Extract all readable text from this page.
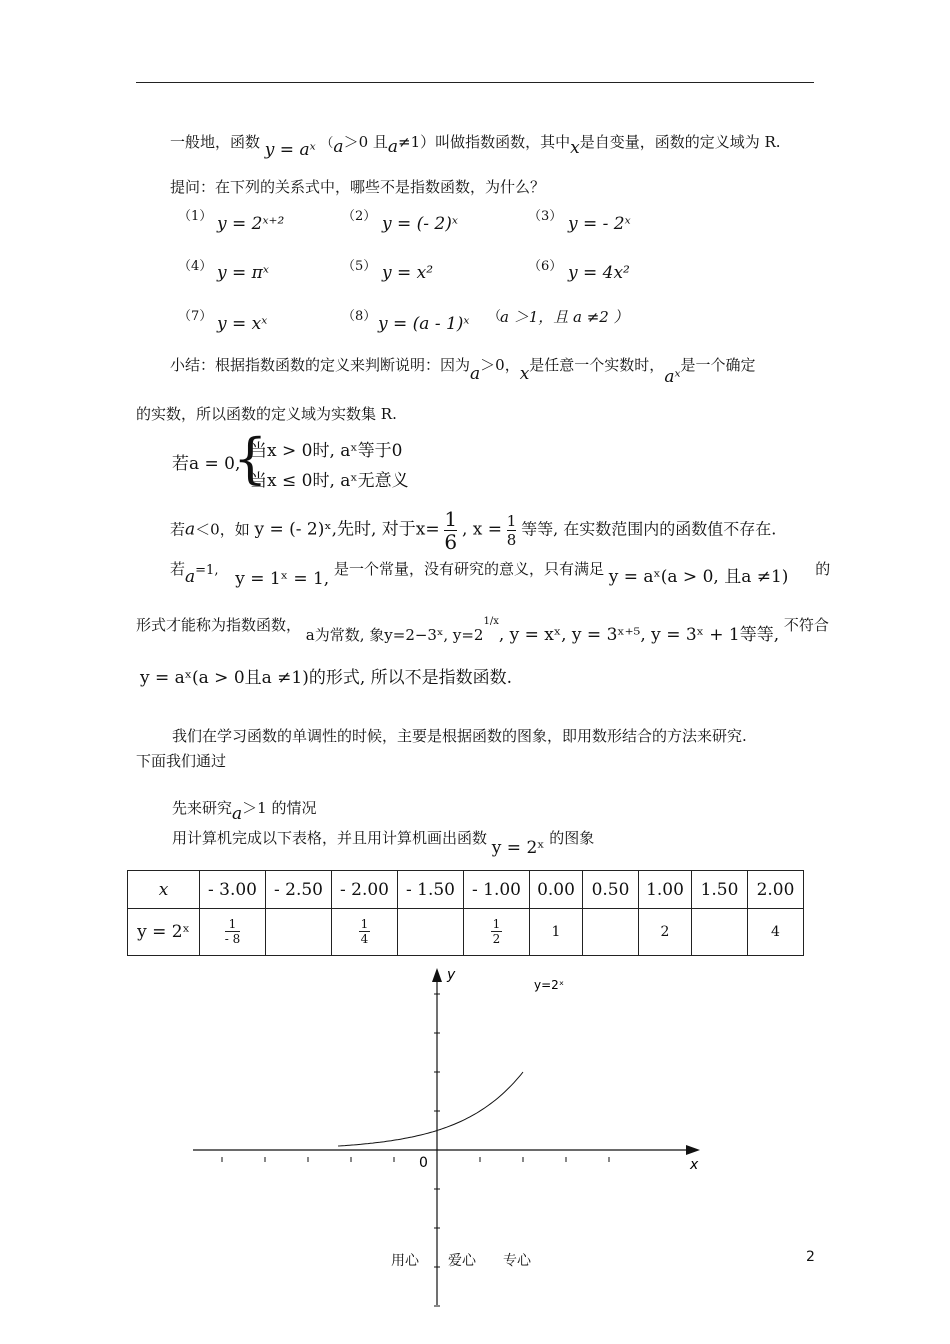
一般地，函数 y = aˣ （a＞0 且a≠1）叫做指数函数，其中x是自变量，函数的定义域为 R.
提问：在下列的关系式中，哪些不是指数函数，为什么？
（1） y = 2ˣ⁺²	（2） y = (- 2)ˣ	（3） y = - 2ˣ
（4） y = πˣ	（5） y = x²	（6） y = 4x²
（7） y = xˣ	（8） y = (a - 1)ˣ （
a ＞1，且 a ≠2 ）
小结：根据指数函数的定义来判断说明：因为a＞0，x是任意一个实数时，aˣ是一个确定
的实数，所以函数的定义域为实数集 R.
若a = 0,
{
当x > 0时, aˣ等于0
当x ≤ 0时, aˣ无意义
若a＜0，如 y = (- 2)ˣ,先时, 对于$x= \frac{1}{6}$ , $x = \frac{1}{8}$ 等等, 在实数范围内的函数值不存在.
若a=1, y = 1ˣ = 1, 是一个常量，没有研究的意义，只有满足 y = aˣ(a > 0, 且a ≠1) 的
形式才能称为指数函数， a为常数, 象y=2−3ˣ, $y=2^{1/x}$, y = xˣ, y = 3ˣ⁺⁵, y = 3ˣ + 1等等, 不符合
y = aˣ(a > 0且a ≠1)的形式, 所以不是指数函数.
我们在学习函数的单调性的时候，主要是根据函数的图象，即用数形结合的方法来研究.
下面我们通过
先来研究a＞1 的情况
用计算机完成以下表格，并且用计算机画出函数 y = 2ˣ 的图象
x	- 3.00	- 2.50	- 2.00	- 1.50	- 1.00	0.00	0.50	1.00	1.50	2.00
y = 2ˣ	$\frac{1}{- 8}$		$\frac{1}{4}$		$\frac{1}{2}$	1		2		4
y
x
0
y=2ˣ
用心 爱心 专心	2
